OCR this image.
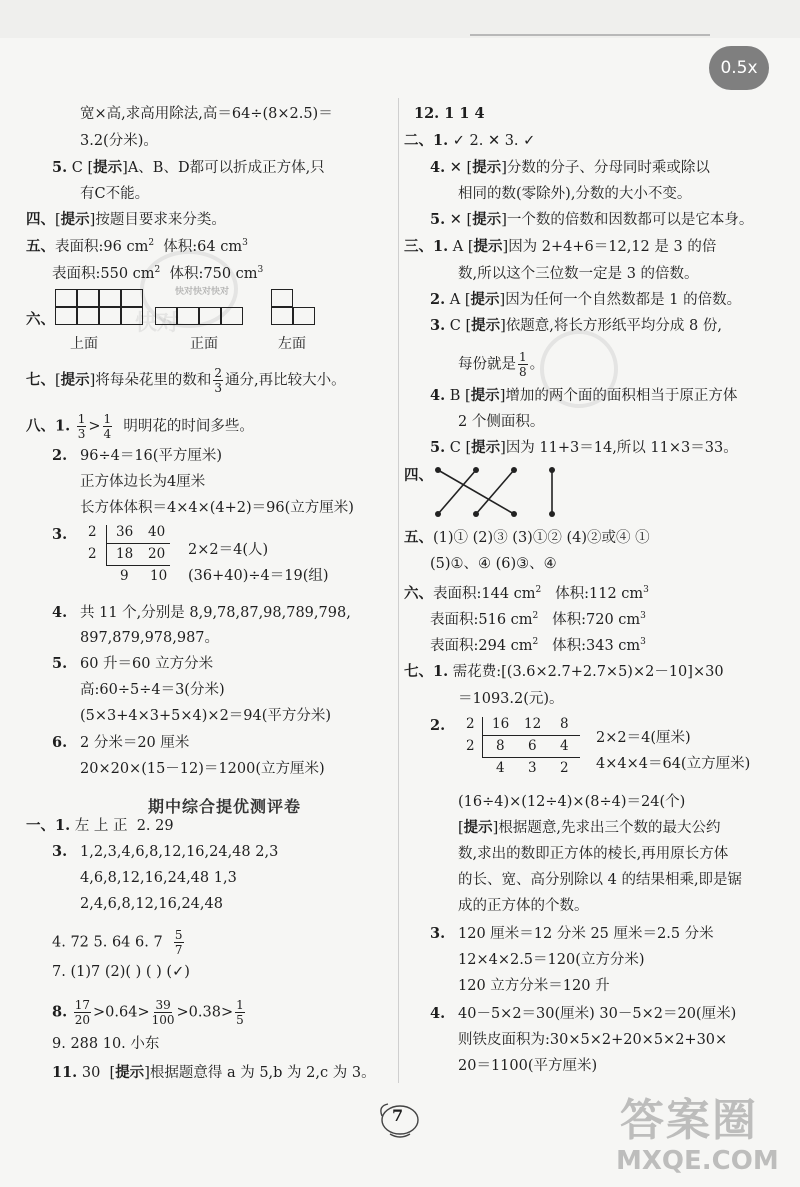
0.5x
快对
快对快对快对
宽×高,求高用除法,高＝64÷(8×2.5)＝
3.2(分米)。
5. C [提示]A、B、D都可以折成正方体,只
有C不能。
四、[提示]按题目要求来分类。
五、表面积:96 $cm^2$ 体积:64 $cm^3$
表面积:550 $cm^2$ 体积:750 $cm^3$
六、
上面	正面	左面
七、[提示]将每朵花里的数和 $\frac{2}{3}$ 通分,再比较大小。
八、1. $\frac{1}{3} > \frac{1}{4}$ 明明花的时间多些。
2. 96÷4＝16(平方厘米)
正方体边长为4厘米
长方体体积＝4×4×(4+2)＝96(立方厘米)
3. 2 36 40
2 18 20
9 10
2×2＝4(人)
(36+40)÷4＝19(组)
4. 共 11 个,分别是 8,9,78,87,98,789,798,
897,879,978,987。
5. 60 升＝60 立方分米
高:60÷5÷4＝3(分米)
(5×3+4×3+5×4)×2＝94(平方分米)
6. 2 分米＝20 厘米
20×20×(15－12)＝1200(立方厘米)
期中综合提优测评卷
一、1. 左 上 正 2. 29
3. 1,2,3,4,6,8,12,16,24,48 2,3
4,6,8,12,16,24,48 1,3
2,4,6,8,12,16,24,48
4. 72 5. 64 6. $7 \frac{5}{7}$
7. (1)7 (2)( ) ( ) (✓)
8. $\frac{17}{20} >0.64> \frac{39}{100} >0.38> \frac{1}{5}$
9. 288 10. 小东
11. 30  [提示]根据题意得 a 为 5,b 为 2,c 为 3。
12. 1 1 4
二、1. ✓ 2. ✕ 3. ✓
4. ✕ [提示]分数的分子、分母同时乘或除以
相同的数(零除外),分数的大小不变。
5. ✕ [提示]一个数的倍数和因数都可以是它本身。
三、1. A [提示]因为 2+4+6＝12,12 是 3 的倍
数,所以这个三位数一定是 3 的倍数。
2. A [提示]因为任何一个自然数都是 1 的倍数。
3. C [提示]依题意,将长方形纸平均分成 8 份,
每份就是 $\frac{1}{8}$ 。
4. B [提示]增加的两个面的面积相当于原正方体
2 个侧面积。
5. C [提示]因为 11+3＝14,所以 11×3＝33。
四、
五、(1)① (2)③ (3)①② (4)②或④ ①
(5)①、④ (6)③、④
六、表面积:144 $cm^2$ 体积:112 $cm^3$
表面积:516 $cm^2$ 体积:720 $cm^3$
表面积:294 $cm^2$ 体积:343 $cm^3$
七、1. 需花费:[(3.6×2.7+2.7×5)×2－10]×30
＝1093.2(元)。
2. 2 16 12 8
2 8 6 4
4 3 2
2×2＝4(厘米)
4×4×4＝64(立方厘米)
(16÷4)×(12÷4)×(8÷4)＝24(个)
[提示]根据题意,先求出三个数的最大公约
数,求出的数即正方体的棱长,再用原长方体
的长、宽、高分别除以 4 的结果相乘,即是锯
成的正方体的个数。
3. 120 厘米＝12 分米 25 厘米＝2.5 分米
12×4×2.5＝120(立方分米)
120 立方分米＝120 升
4. 40－5×2＝30(厘米) 30－5×2＝20(厘米)
则铁皮面积为:30×5×2+20×5×2+30×
20＝1100(平方厘米)
7	答案圈
MXQE.COM
